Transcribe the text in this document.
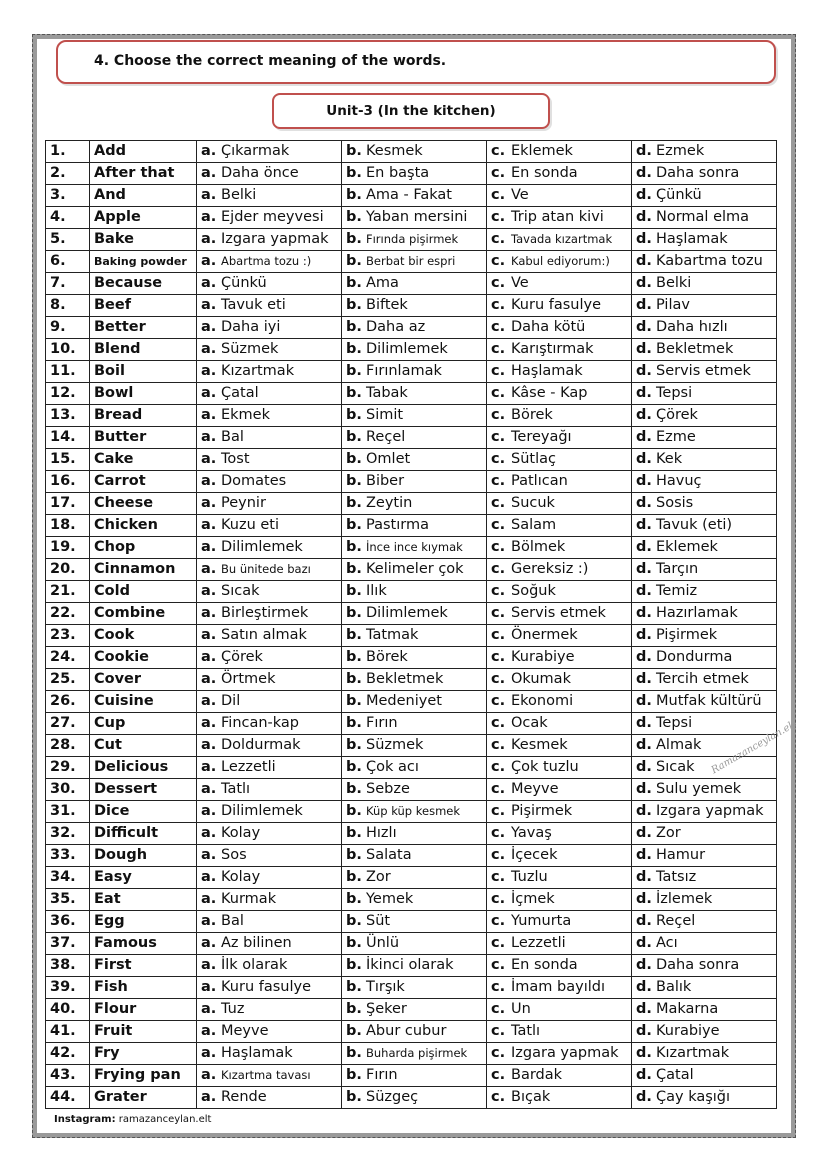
4. Choose the correct meaning of the words.
Unit-3 (In the kitchen)
1.	Add	a. Çıkarmak	b. Kesmek	c. Eklemek	d. Ezmek
2.	After that	a. Daha önce	b. En başta	c. En sonda	d. Daha sonra
3.	And	a. Belki	b. Ama - Fakat	c. Ve	d. Çünkü
4.	Apple	a. Ejder meyvesi	b. Yaban mersini	c. Trip atan kivi	d. Normal elma
5.	Bake	a. Izgara yapmak	b. Fırında pişirmek	c. Tavada kızartmak	d. Haşlamak
6.	Baking powder	a. Abartma tozu :)	b. Berbat bir espri	c. Kabul ediyorum:)	d. Kabartma tozu
7.	Because	a. Çünkü	b. Ama	c. Ve	d. Belki
8.	Beef	a. Tavuk eti	b. Biftek	c. Kuru fasulye	d. Pilav
9.	Better	a. Daha iyi	b. Daha az	c. Daha kötü	d. Daha hızlı
10.	Blend	a. Süzmek	b. Dilimlemek	c. Karıştırmak	d. Bekletmek
11.	Boil	a. Kızartmak	b. Fırınlamak	c. Haşlamak	d. Servis etmek
12.	Bowl	a. Çatal	b. Tabak	c. Kâse - Kap	d. Tepsi
13.	Bread	a. Ekmek	b. Simit	c. Börek	d. Çörek
14.	Butter	a. Bal	b. Reçel	c. Tereyağı	d. Ezme
15.	Cake	a. Tost	b. Omlet	c. Sütlaç	d. Kek
16.	Carrot	a. Domates	b. Biber	c. Patlıcan	d. Havuç
17.	Cheese	a. Peynir	b. Zeytin	c. Sucuk	d. Sosis
18.	Chicken	a. Kuzu eti	b. Pastırma	c. Salam	d. Tavuk (eti)
19.	Chop	a. Dilimlemek	b. İnce ince kıymak	c. Bölmek	d. Eklemek
20.	Cinnamon	a. Bu ünitede bazı	b. Kelimeler çok	c. Gereksiz :)	d. Tarçın
21.	Cold	a. Sıcak	b. Ilık	c. Soğuk	d. Temiz
22.	Combine	a. Birleştirmek	b. Dilimlemek	c. Servis etmek	d. Hazırlamak
23.	Cook	a. Satın almak	b. Tatmak	c. Önermek	d. Pişirmek
24.	Cookie	a. Çörek	b. Börek	c. Kurabiye	d. Dondurma
25.	Cover	a. Örtmek	b. Bekletmek	c. Okumak	d. Tercih etmek
26.	Cuisine	a. Dil	b. Medeniyet	c. Ekonomi	d. Mutfak kültürü
27.	Cup	a. Fincan-kap	b. Fırın	c. Ocak	d. Tepsi
28.	Cut	a. Doldurmak	b. Süzmek	c. Kesmek	d. Almak
29.	Delicious	a. Lezzetli	b. Çok acı	c. Çok tuzlu	d. Sıcak
30.	Dessert	a. Tatlı	b. Sebze	c. Meyve	d. Sulu yemek
31.	Dice	a. Dilimlemek	b. Küp küp kesmek	c. Pişirmek	d. Izgara yapmak
32.	Difficult	a. Kolay	b. Hızlı	c. Yavaş	d. Zor
33.	Dough	a. Sos	b. Salata	c. İçecek	d. Hamur
34.	Easy	a. Kolay	b. Zor	c. Tuzlu	d. Tatsız
35.	Eat	a. Kurmak	b. Yemek	c. İçmek	d. İzlemek
36.	Egg	a. Bal	b. Süt	c. Yumurta	d. Reçel
37.	Famous	a. Az bilinen	b. Ünlü	c. Lezzetli	d. Acı
38.	First	a. İlk olarak	b. İkinci olarak	c. En sonda	d. Daha sonra
39.	Fish	a. Kuru fasulye	b. Tırşık	c. İmam bayıldı	d. Balık
40.	Flour	a. Tuz	b. Şeker	c. Un	d. Makarna
41.	Fruit	a. Meyve	b. Abur cubur	c. Tatlı	d. Kurabiye
42.	Fry	a. Haşlamak	b. Buharda pişirmek	c. Izgara yapmak	d. Kızartmak
43.	Frying pan	a. Kızartma tavası	b. Fırın	c. Bardak	d. Çatal
44.	Grater	a. Rende	b. Süzgeç	c. Bıçak	d. Çay kaşığı
Ramazanceylan.elt
Instagram: ramazanceylan.elt
